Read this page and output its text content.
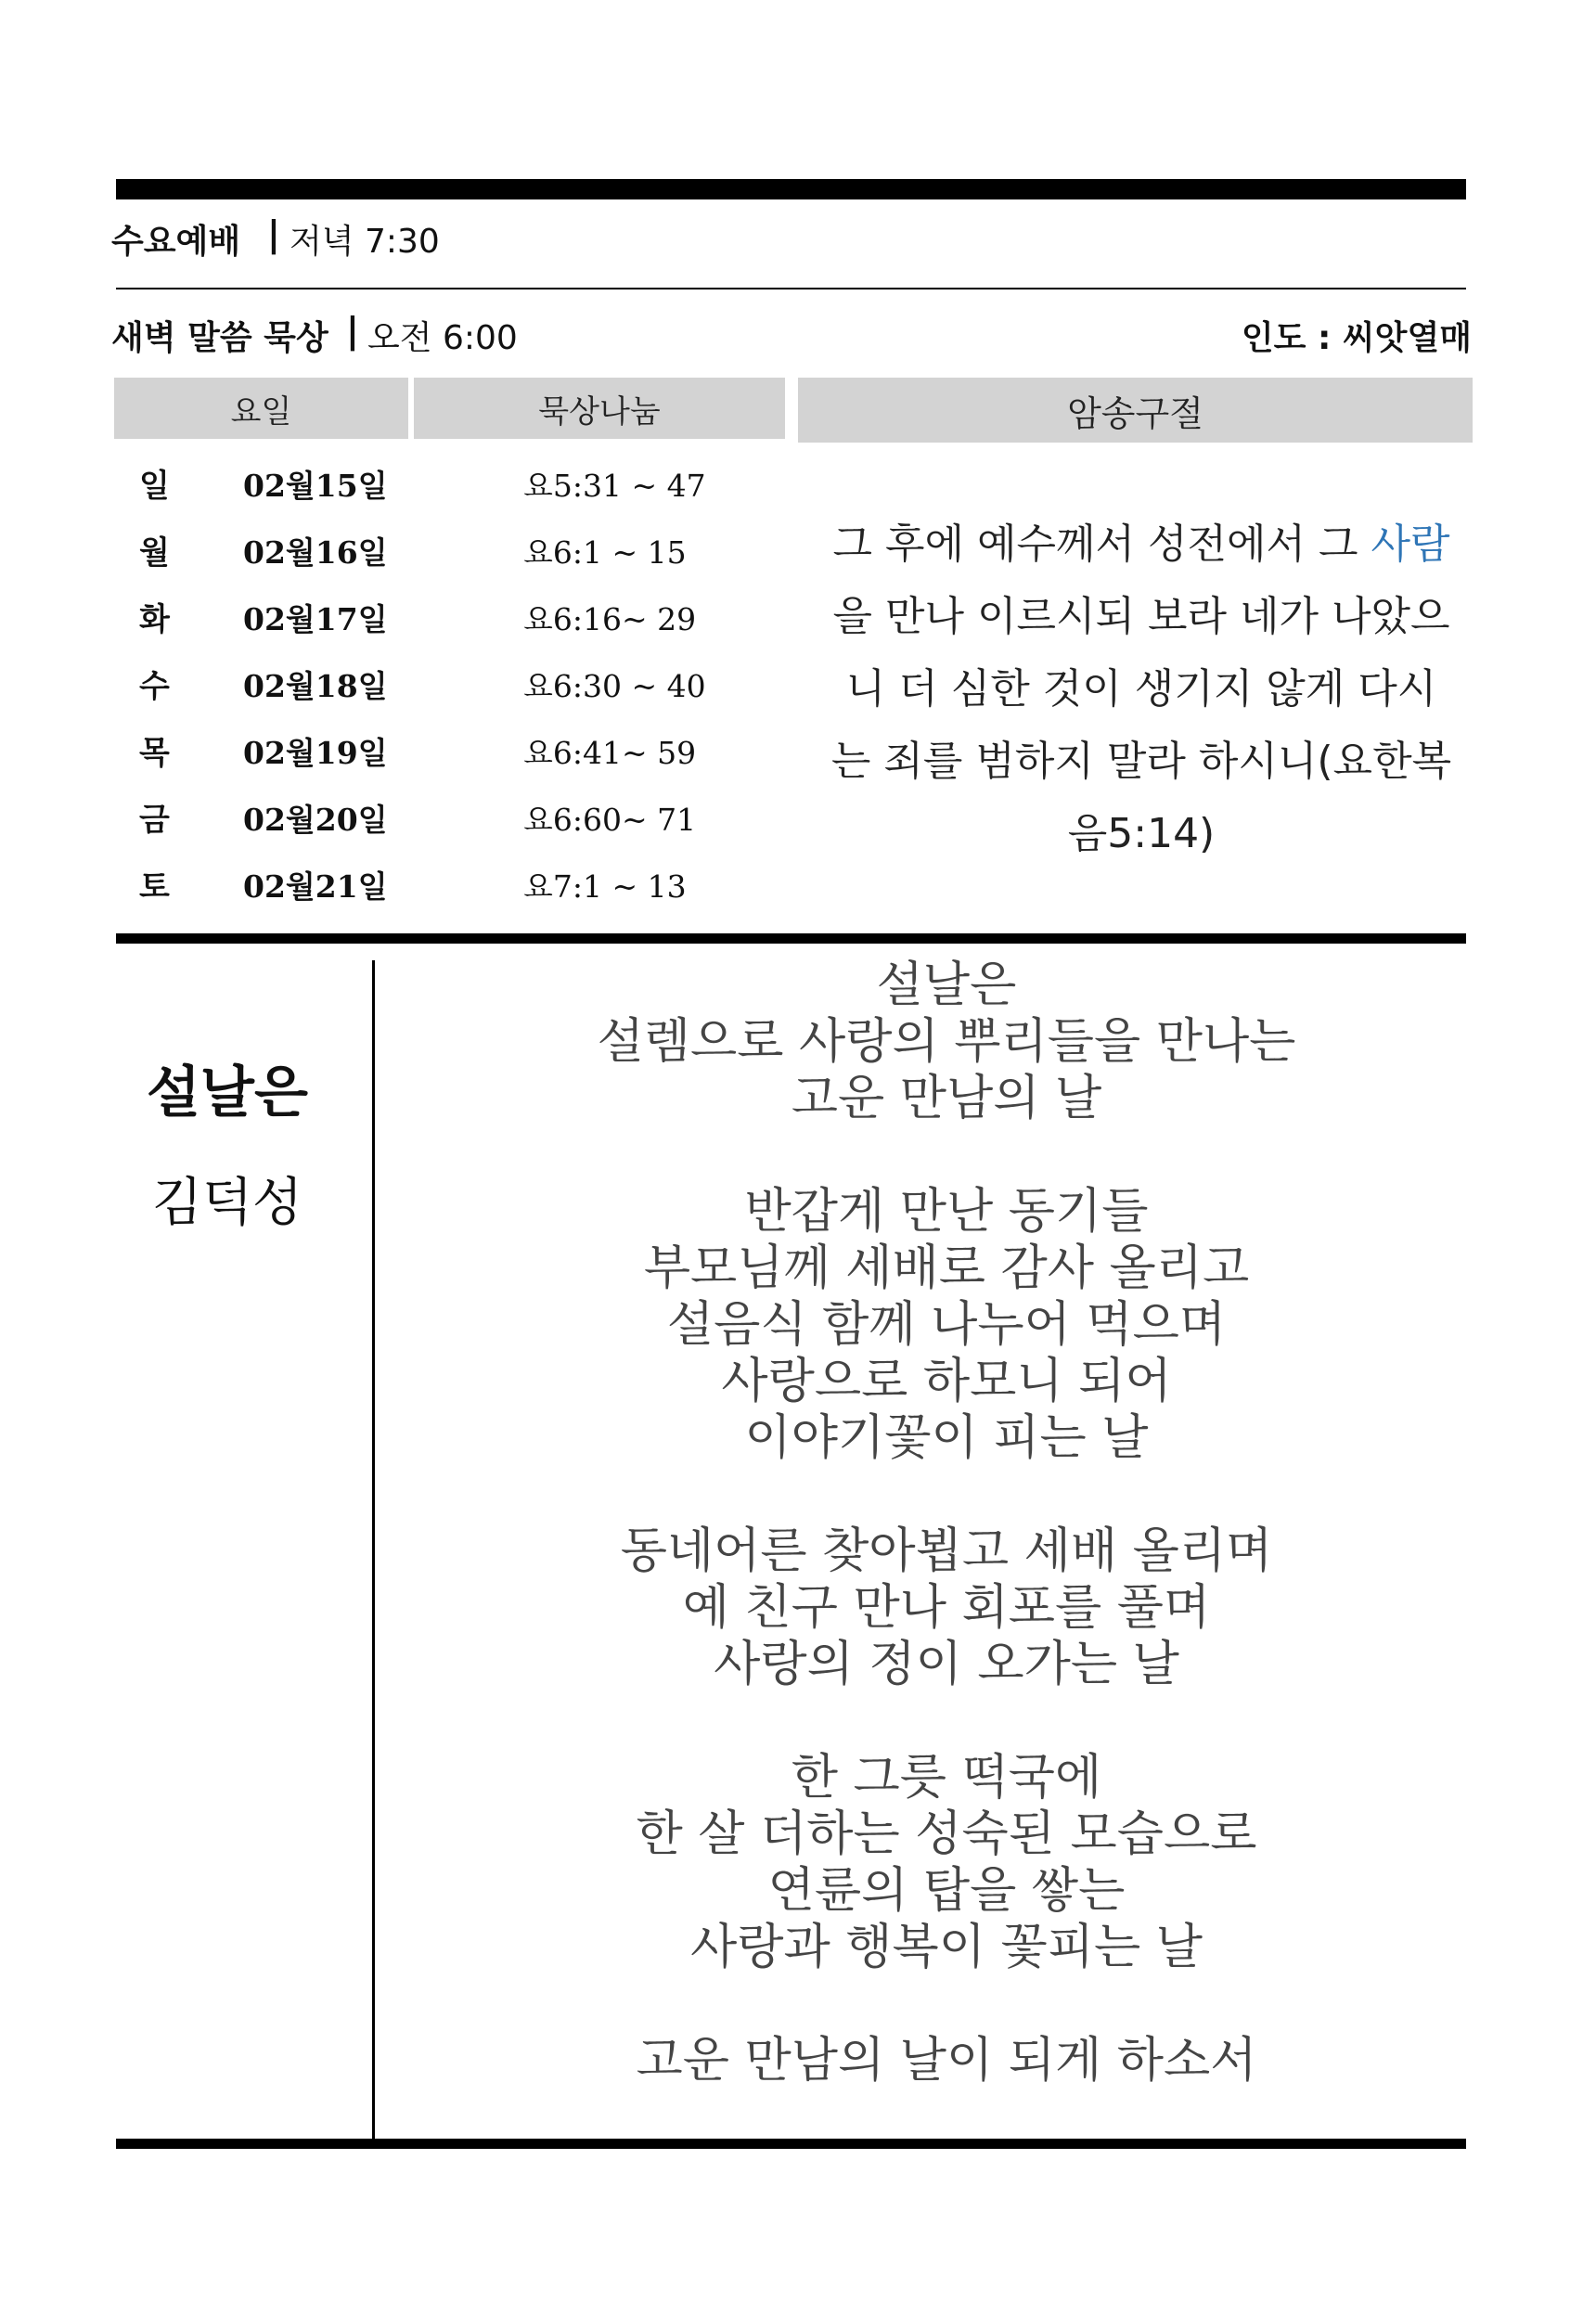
수요예배 | 저녁 7:30
새벽 말씀 묵상 | 오전 6:00	인도 : 씨앗열매
요일	묵상나눔	암송구절
일 02월15일	요5:31 ~ 47
월 02월16일	요6:1 ~ 15
화 02월17일	요6:16~ 29
수 02월18일	요6:30 ~ 40
목 02월19일	요6:41~ 59
금 02월20일	요6:60~ 71
토 02월21일	요7:1 ~ 13
그 후에 예수께서 성전에서 그 사람
을 만나 이르시되 보라 네가 나았으
니 더 심한 것이 생기지 않게 다시
는 죄를 범하지 말라 하시니(요한복
음5:14)
설날은
김덕성
설날은
설렘으로 사랑의 뿌리들을 만나는
고운 만남의 날
반갑게 만난 동기들
부모님께 세배로 감사 올리고
설음식 함께 나누어 먹으며
사랑으로 하모니 되어
이야기꽃이 피는 날
동네어른 찾아뵙고 세배 올리며
예 친구 만나 회포를 풀며
사랑의 정이 오가는 날
한 그릇 떡국에
한 살 더하는 성숙된 모습으로
연륜의 탑을 쌓는
사랑과 행복이 꽃피는 날
고운 만남의 날이 되게 하소서
